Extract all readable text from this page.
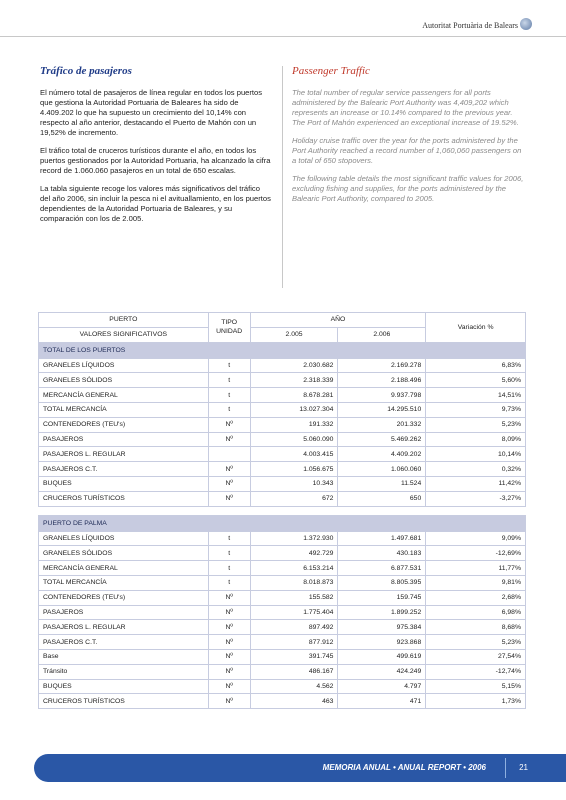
Autoritat Portuària de Balears
Tráfico de pasajeros

El número total de pasajeros de línea regular en todos los puertos que gestiona la Autoridad Portuaria de Baleares ha sido de 4.409.202 lo que ha supuesto un crecimiento del 10,14% con respecto al año anterior, destacando el Puerto de Mahón con un 19,52% de incremento.

El tráfico total de cruceros turísticos durante el año, en todos los puertos gestionados por la Autoridad Portuaria, ha alcanzado la cifra record de 1.060.060 pasajeros en un total de 650 escalas.

La tabla siguiente recoge los valores más significativos del tráfico del año 2006, sin incluir la pesca ni el avituallamiento, en los puertos dependientes de la Autoridad Portuaria de Baleares, y su comparación con los de 2.005.

Passenger Traffic

The total number of regular service passengers for all ports administered by the Balearic Port Authority was 4,409,202 which represents an increase or 10.14% compared to the previous year. The Port of Mahón experienced an exceptional increase of 19.52%.

Holiday cruise traffic over the year for the ports administered by the Port Authority reached a record number of 1,060,060 passengers on a total of 650 stopovers.

The following table details the most significant traffic values for 2006, excluding fishing and supplies, for the ports administered by the Balearic Port Authority, compared to 2005.

PUERTO	TIPO
UNIDAD	AÑO		Variación %
VALORES SIGNIFICATIVOS		2.005	2.006	
TOTAL DE LOS PUERTOS				
GRANELES LÍQUIDOS	t	2.030.682	2.169.278	6,83%
GRANELES SÓLIDOS	t	2.318.339	2.188.496	5,60%
MERCANCÍA GENERAL	t	8.678.281	9.937.798	14,51%
TOTAL MERCANCÍA	t	13.027.304	14.295.510	9,73%
CONTENEDORES (TEU's)	Nº	191.332	201.332	5,23%
PASAJEROS	Nº	5.060.090	5.469.262	8,09%
PASAJEROS L. REGULAR		4.003.415	4.409.202	10,14%
PASAJEROS C.T.	Nº	1.056.675	1.060.060	0,32%
BUQUES	Nº	10.343	11.524	11,42%
CRUCEROS TURÍSTICOS	Nº	672	650	-3,27%

PUERTO DE PALMA				
GRANELES LÍQUIDOS	t	1.372.930	1.497.681	9,09%
GRANELES SÓLIDOS	t	492.729	430.183	-12,69%
MERCANCÍA GENERAL	t	6.153.214	6.877.531	11,77%
TOTAL MERCANCÍA	t	8.018.873	8.805.395	9,81%
CONTENEDORES (TEU's)	Nº	155.582	159.745	2,68%
PASAJEROS	Nº	1.775.404	1.899.252	6,98%
PASAJEROS L. REGULAR	Nº	897.492	975.384	8,68%
PASAJEROS C.T.	Nº	877.912	923.868	5,23%
Base	Nº	391.745	499.619	27,54%
Tránsito	Nº	486.167	424.249	-12,74%
BUQUES	Nº	4.562	4.797	5,15%
CRUCEROS TURÍSTICOS	Nº	463	471	1,73%
MEMORIA ANUAL • ANUAL REPORT • 2006	21
